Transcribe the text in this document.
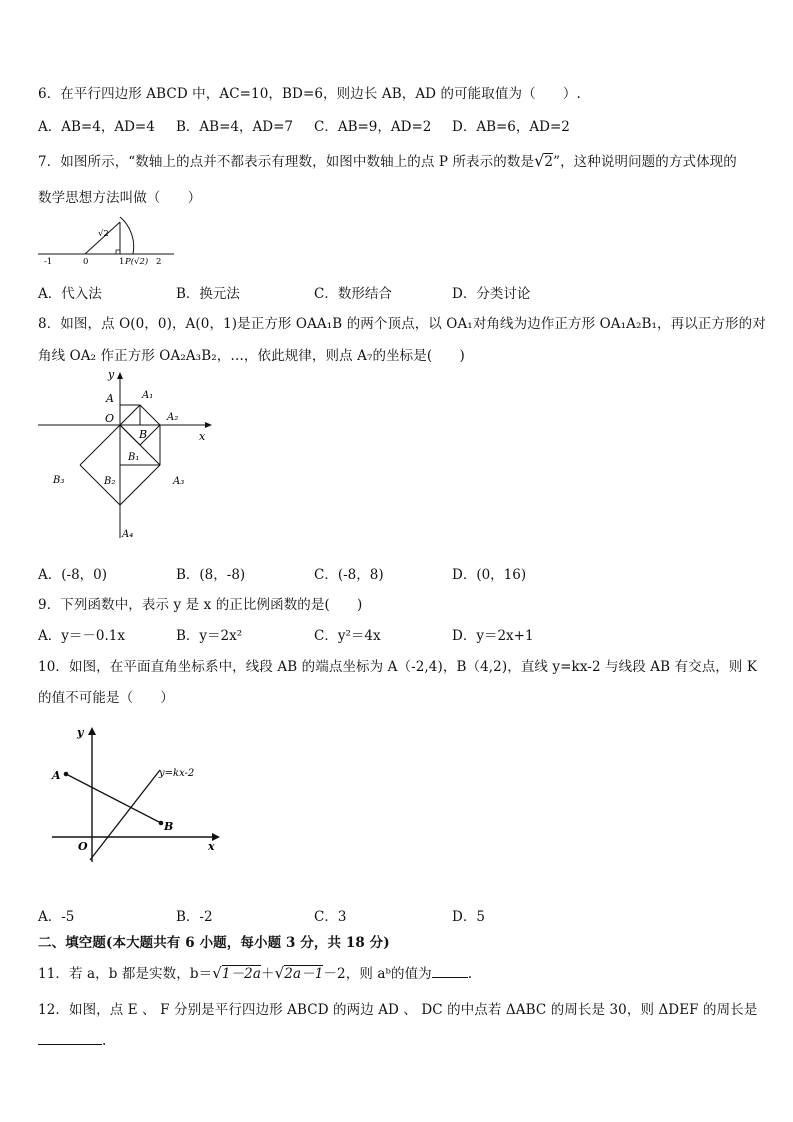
6．在平行四边形 ABCD 中，AC=10，BD=6，则边长 AB，AD 的可能取值为（　　）.
A．AB=4，AD=4 B．AB=4，AD=7 C．AB=9，AD=2 D．AB=6，AD=2
7．如图所示，“数轴上的点并不都表示有理数，如图中数轴上的点 P 所表示的数是√2”，这种说明问题的方式体现的
数学思想方法叫做（　　）
√2
-1	0	1 P(√2) 2
A．代入法	B．换元法	C．数形结合	D．分类讨论
8．如图，点 O(0，0)，A(0，1)是正方形 OAA₁B 的两个顶点，以 OA₁对角线为边作正方形 OA₁A₂B₁，再以正方形的对
角线 OA₂ 作正方形 OA₂A₃B₂，…，依此规律，则点 A₇的坐标是(　　)
y
A	A₁
O	A₂
x
B
B₁
B₃	B₂	A₃
A₄
A．(-8，0)	B．(8，-8)	C．(-8，8)	D．(0，16)
9．下列函数中，表示 y 是 x 的正比例函数的是(　　)
A．y＝－0.1x	B．y＝2x²	C．y²＝4x	D．y＝2x+1
10．如图，在平面直角坐标系中，线段 AB 的端点坐标为 A（-2,4)，B（4,2)，直线 y=kx-2 与线段 AB 有交点，则 K
的值不可能是（　　）
y
A	y=kx-2
B
O	x
A．-5	B．-2	C．3	D．5
二、填空题(本大题共有 6 小题，每小题 3 分，共 18 分)
11．若 a，b 都是实数，b＝√1－2a＋√2a－1－2，则 aᵇ的值为	.
12．如图，点 E 、 F 分别是平行四边形 ABCD 的两边 AD 、 DC 的中点若 ΔABC 的周长是 30，则 ΔDEF 的周长是
.
